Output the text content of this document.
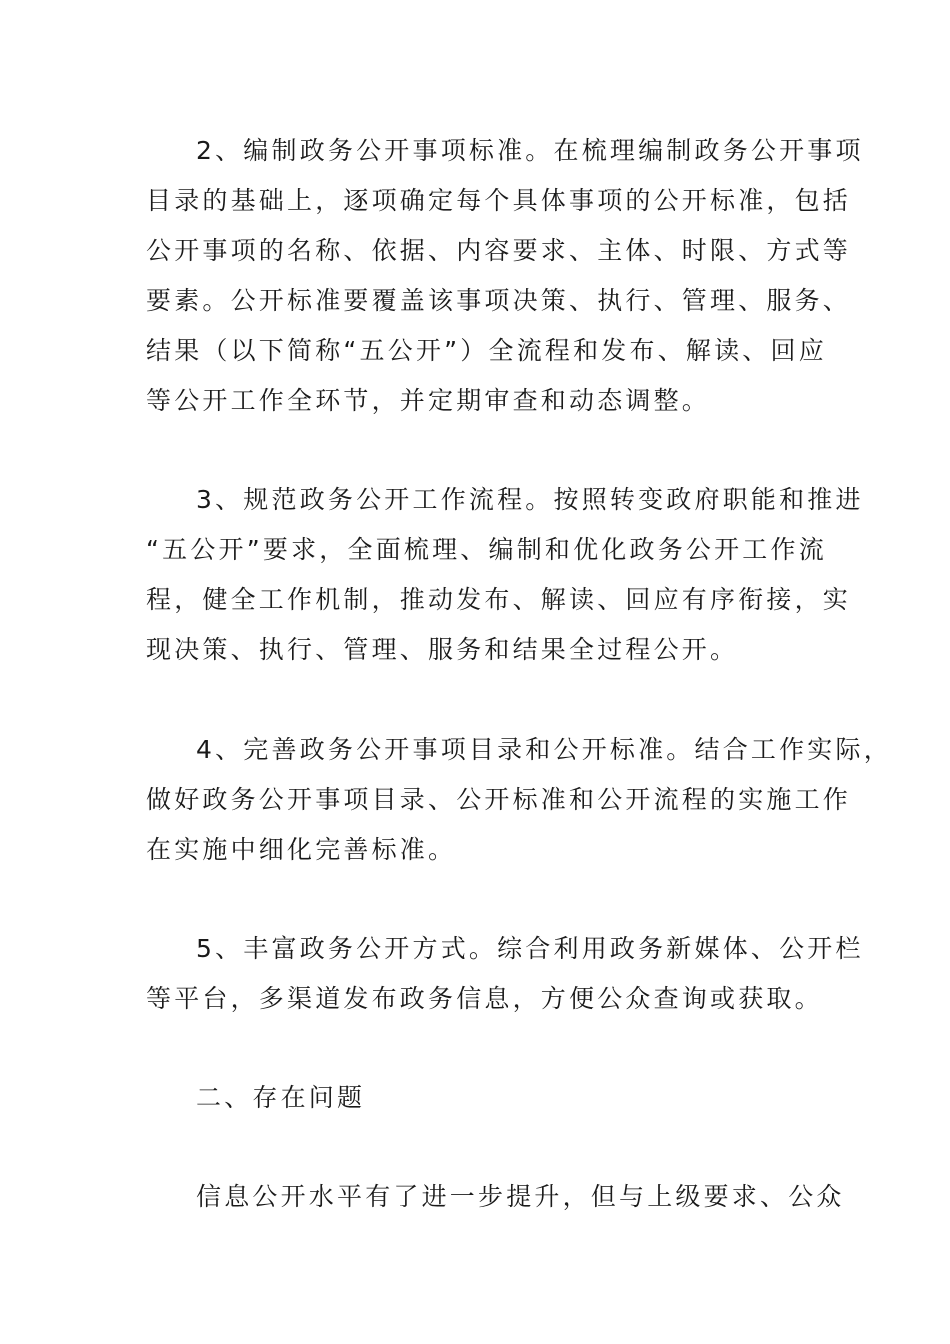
2、编制政务公开事项标准。在梳理编制政务公开事项
目录的基础上，逐项确定每个具体事项的公开标准，包括
公开事项的名称、依据、内容要求、主体、时限、方式等
要素。公开标准要覆盖该事项决策、执行、管理、服务、
结果（以下简称“五公开”）全流程和发布、解读、回应
等公开工作全环节，并定期审查和动态调整。
3、规范政务公开工作流程。按照转变政府职能和推进
“五公开”要求，全面梳理、编制和优化政务公开工作流
程，健全工作机制，推动发布、解读、回应有序衔接，实
现决策、执行、管理、服务和结果全过程公开。
4、完善政务公开事项目录和公开标准。结合工作实际，
做好政务公开事项目录、公开标准和公开流程的实施工作
在实施中细化完善标准。
5、丰富政务公开方式。综合利用政务新媒体、公开栏
等平台，多渠道发布政务信息，方便公众查询或获取。
二、存在问题
信息公开水平有了进一步提升，但与上级要求、公众
